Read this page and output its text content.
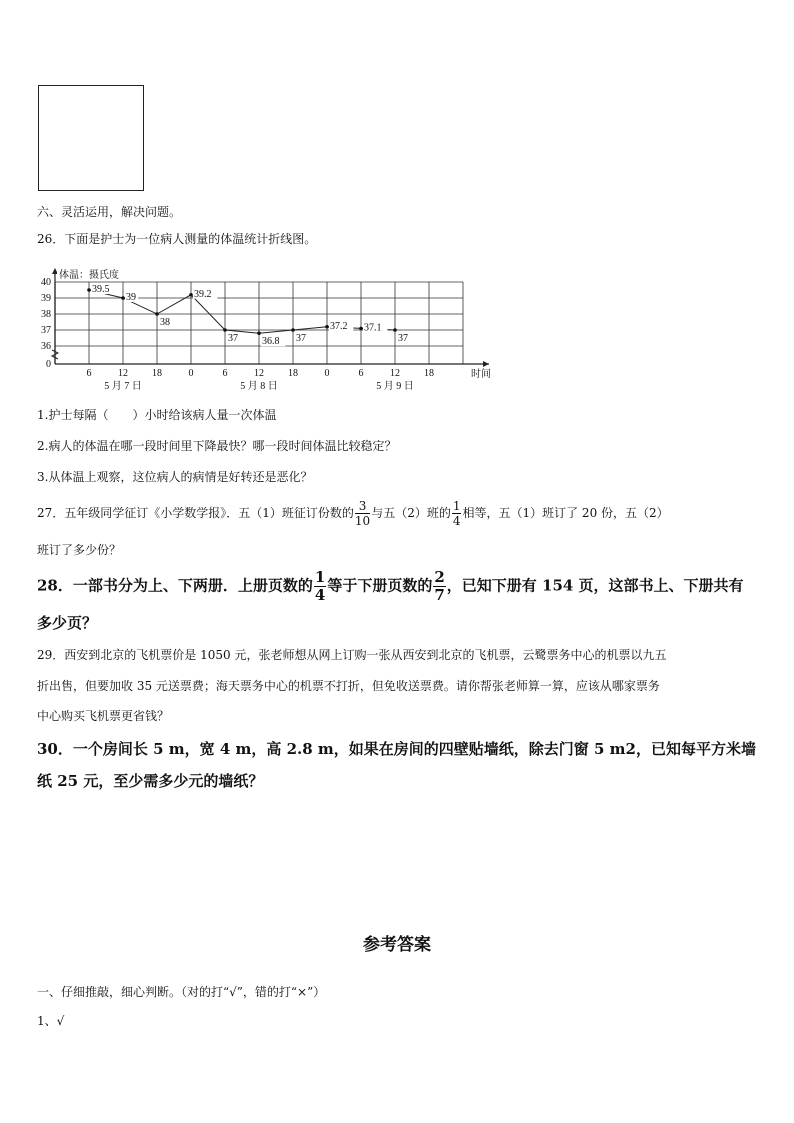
六、灵活运用，解决问题。
26．下面是护士为一位病人测量的体温统计折线图。
0
36
37
38
39
40
体温：摄氏度
6	12 18	0	6	12 18	0	6	12 18	时间
5 月 7 日	5 月 8 日	5 月 9 日
39.5
39
38
39.2
37 36.8 37
37.2 37.1
37
1.护士每隔（　　）小时给该病人量一次体温
2.病人的体温在哪一段时间里下降最快？哪一段时间体温比较稳定？
3.从体温上观察，这位病人的病情是好转还是恶化？
27．五年级同学征订《小学数学报》．五（1）班征订份数的 $\frac{3}{10}$ 与五（2）班的 $\frac{1}{4}$ 相等，五（1）班订了 20 份，五（2）
班订了多少份？
28．一部书分为上、下两册．上册页数的 $\frac{1}{4}$ 等于下册页数的 $\frac{2}{7}$ ，已知下册有 154 页，这部书上、下册共有
多少页？
29．西安到北京的飞机票价是 1050 元，张老师想从网上订购一张从西安到北京的飞机票，云鹭票务中心的机票以九五
折出售，但要加收 35 元送票费；海天票务中心的机票不打折，但免收送票费。请你帮张老师算一算，应该从哪家票务
中心购买飞机票更省钱？
30．一个房间长 5 m，宽 4 m，高 2.8 m，如果在房间的四壁贴墙纸，除去门窗 5 m2，已知每平方米墙
纸 25 元，至少需多少元的墙纸？
参考答案
一、仔细推敲，细心判断。（对的打“√”，错的打“×”）
1、√
